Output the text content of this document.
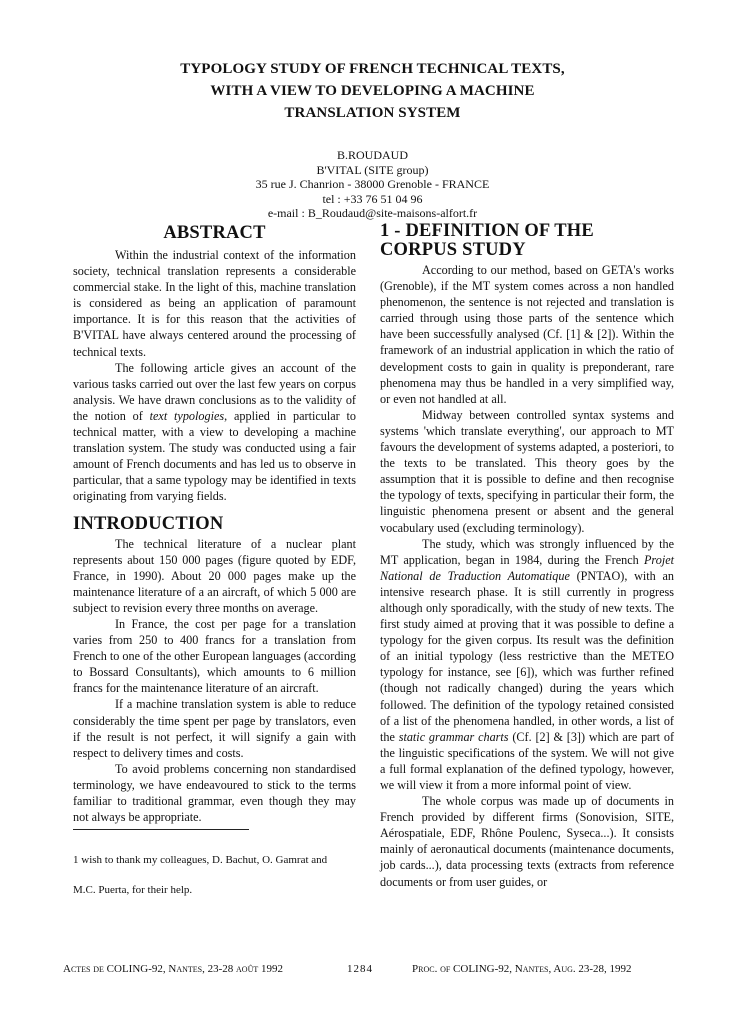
TYPOLOGY STUDY OF FRENCH TECHNICAL TEXTS,
WITH A VIEW TO DEVELOPING A MACHINE
TRANSLATION SYSTEM
B.ROUDAUD
B'VITAL (SITE group)
35 rue J. Chanrion - 38000 Grenoble - FRANCE
tel : +33 76 51 04 96
e-mail : B_Roudaud@site-maisons-alfort.fr
ABSTRACT

Within the industrial context of the information society, technical translation represents a considerable commercial stake. In the light of this, machine translation is considered as being an application of paramount importance. It is for this reason that the activities of B'VITAL have always centered around the processing of technical texts.

The following article gives an account of the various tasks carried out over the last few years on corpus analysis. We have drawn conclusions as to the validity of the notion of text typologies, applied in particular to technical matter, with a view to developing a machine translation system. The study was conducted using a fair amount of French documents and has led us to observe in particular, that a same typology may be identified in texts originating from varying fields.

INTRODUCTION

The technical literature of a nuclear plant represents about 150 000 pages (figure quoted by EDF, France, in 1990). About 20 000 pages make up the maintenance literature of a an aircraft, of which 5 000 are subject to revision every three months on average.

In France, the cost per page for a translation varies from 250 to 400 francs for a translation from French to one of the other European languages (according to Bossard Consultants), which amounts to 6 million francs for the maintenance literature of an aircraft.

If a machine translation system is able to reduce considerably the time spent per page by translators, even if the result is not perfect, it will signify a gain with respect to delivery times and costs.

To avoid problems concerning non standardised terminology, we have endeavoured to stick to the terms familiar to traditional grammar, even though they may not always be appropriate.

1 wish to thank my colleagues, D. Bachut, O. Gamrat and
M.C. Puerta, for their help.
1 - DEFINITION OF THE
CORPUS STUDY

According to our method, based on GETA's works (Grenoble), if the MT system comes across a non handled phenomenon, the sentence is not rejected and translation is carried through using those parts of the sentence which have been successfully analysed (Cf. [1] & [2]). Within the framework of an industrial application in which the ratio of development costs to gain in quality is preponderant, rare phenomena may thus be handled in a very simplified way, or even not handled at all.

Midway between controlled syntax systems and systems 'which translate everything', our approach to MT favours the development of systems adapted, a posteriori, to the texts to be translated. This theory goes by the assumption that it is possible to define and then recognise the typology of texts, specifying in particular their form, the linguistic phenomena present or absent and the general vocabulary used (excluding terminology).

The study, which was strongly influenced by the MT application, began in 1984, during the French Projet National de Traduction Automatique (PNTAO), with an intensive research phase. It is still currently in progress although only sporadically, with the study of new texts. The first study aimed at proving that it was possible to define a typology for the given corpus. Its result was the definition of an initial typology (less restrictive than the METEO typology for instance, see [6]), which was further refined (though not radically changed) during the years which followed. The definition of the typology retained consisted of a list of the phenomena handled, in other words, a list of the static grammar charts (Cf. [2] & [3]) which are part of the linguistic specifications of the system. We will not give a full formal explanation of the defined typology, however, we will view it from a more informal point of view.

The whole corpus was made up of documents in French provided by different firms (Sonovision, SITE, Aérospatiale, EDF, Rhône Poulenc, Syseca...). It consists mainly of aeronautical documents (maintenance documents, job cards...), data processing texts (extracts from reference documents or from user guides, or

Actes de COLING-92, Nantes, 23-28 août 1992	1284	Proc. of COLING-92, Nantes, Aug. 23-28, 1992
